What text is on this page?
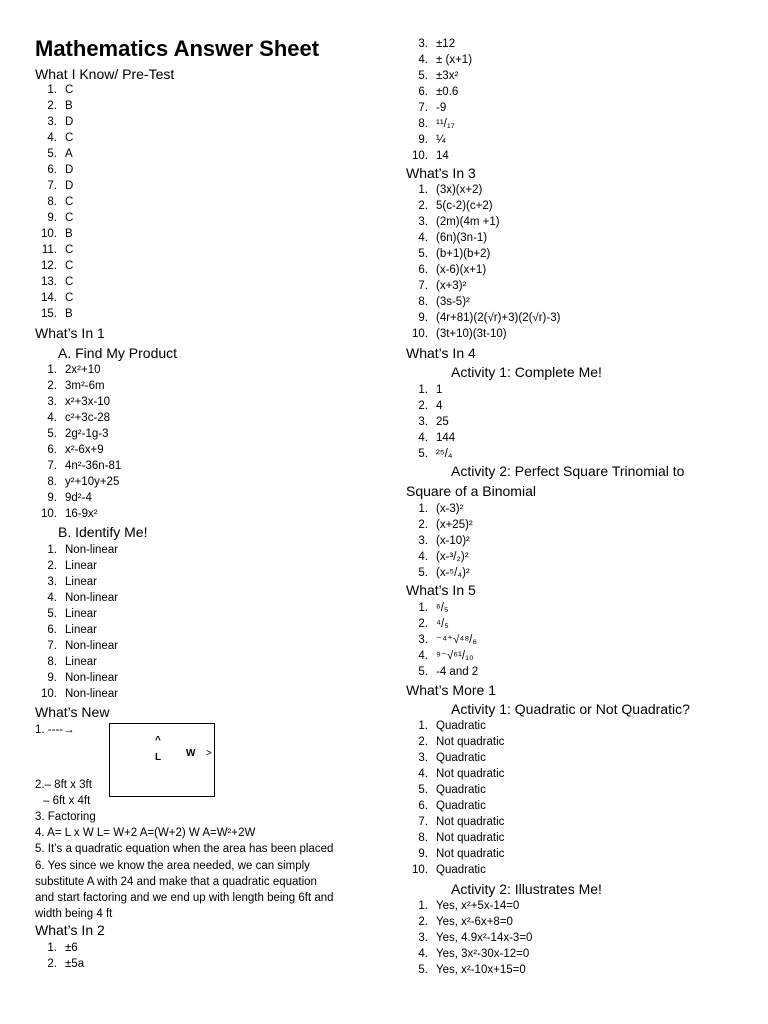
Mathematics Answer Sheet
What I Know/ Pre-Test
1. C
2. B
3. D
4. C
5. A
6. D
7. D
8. C
9. C
10. B
11. C
12. C
13. C
14. C
15. B
What’s In 1
A. Find My Product
1. 2x²+10
2. 3m²-6m
3. x²+3x-10
4. c²+3c-28
5. 2g²-1g-3
6. x²-6x+9
7. 4n²-36n-81
8. y²+10y+25
9. 9d²-4
10. 16-9x²
B. Identify Me!
1. Non-linear
2. Linear
3. Linear
4. Non-linear
5. Linear
6. Linear
7. Non-linear
8. Linear
9. Non-linear
10. Non-linear
What’s New
1. ----→
^
L W >
2.– 8ft x 3ft
– 6ft x 4ft
3. Factoring
4. A= L x W L= W+2 A=(W+2) W A=W²+2W
5. It’s a quadratic equation when the area has been placed
6. Yes since we know the area needed, we can simply
substitute A with 24 and make that a quadratic equation
and start factoring and we end up with length being 6ft and
width being 4 ft
What’s In 2
1. ±6
2. ±5a
3. ±12
4. ± (x+1)
5. ±3x²
6. ±0.6
7. -9
8. ¹¹/₁₇
9. ¼
10. 14
What’s In 3
1. (3x)(x+2)
2. 5(c-2)(c+2)
3. (2m)(4m +1)
4. (6n)(3n-1)
5. (b+1)(b+2)
6. (x-6)(x+1)
7. (x+3)²
8. (3s-5)²
9. (4r+81)(2(√r)+3)(2(√r)-3)
10. (3t+10)(3t-10)
What’s In 4
Activity 1: Complete Me!
1. 1
2. 4
3. 25
4. 144
5. ²⁵/₄
Activity 2: Perfect Square Trinomial to
Square of a Binomial
1. (x-3)²
2. (x+25)²
3. (x-10)²
4. (x-³/₂)²
5. (x-⁵/₄)²
What’s In 5
1. ⁶/₅
2. ⁴/₅
3. ⁻⁴⁺√⁴⁸/₆
4. ⁹⁻√⁶¹/₁₀
5. -4 and 2
What’s More 1
Activity 1: Quadratic or Not Quadratic?
1. Quadratic
2. Not quadratic
3. Quadratic
4. Not quadratic
5. Quadratic
6. Quadratic
7. Not quadratic
8. Not quadratic
9. Not quadratic
10. Quadratic
Activity 2: Illustrates Me!
1. Yes, x²+5x-14=0
2. Yes, x²-6x+8=0
3. Yes, 4.9x²-14x-3=0
4. Yes, 3x²-30x-12=0
5. Yes, x²-10x+15=0
